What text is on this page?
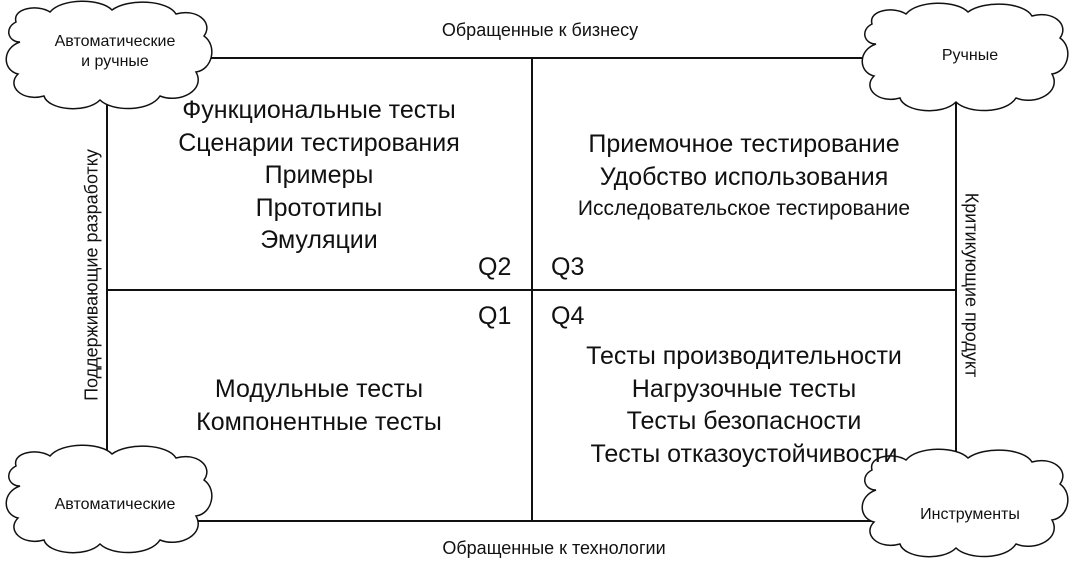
Обращенные к бизнесу
Обращенные к технологии
Поддерживающие разработку	Критикующие продукт
Автоматические
и ручные	Ручные
Автоматические
Инструменты
Функциональные тесты
Сценарии тестирования
Примеры
Прототипы
Эмуляции
Приемочное тестирование
Удобство использования
Исследовательское тестирование
Модульные тесты
Компонентные тесты
Тесты производительности
Нагрузочные тесты
Тесты безопасности
Тесты отказоустойчивости
Q2 Q3
Q1 Q4
